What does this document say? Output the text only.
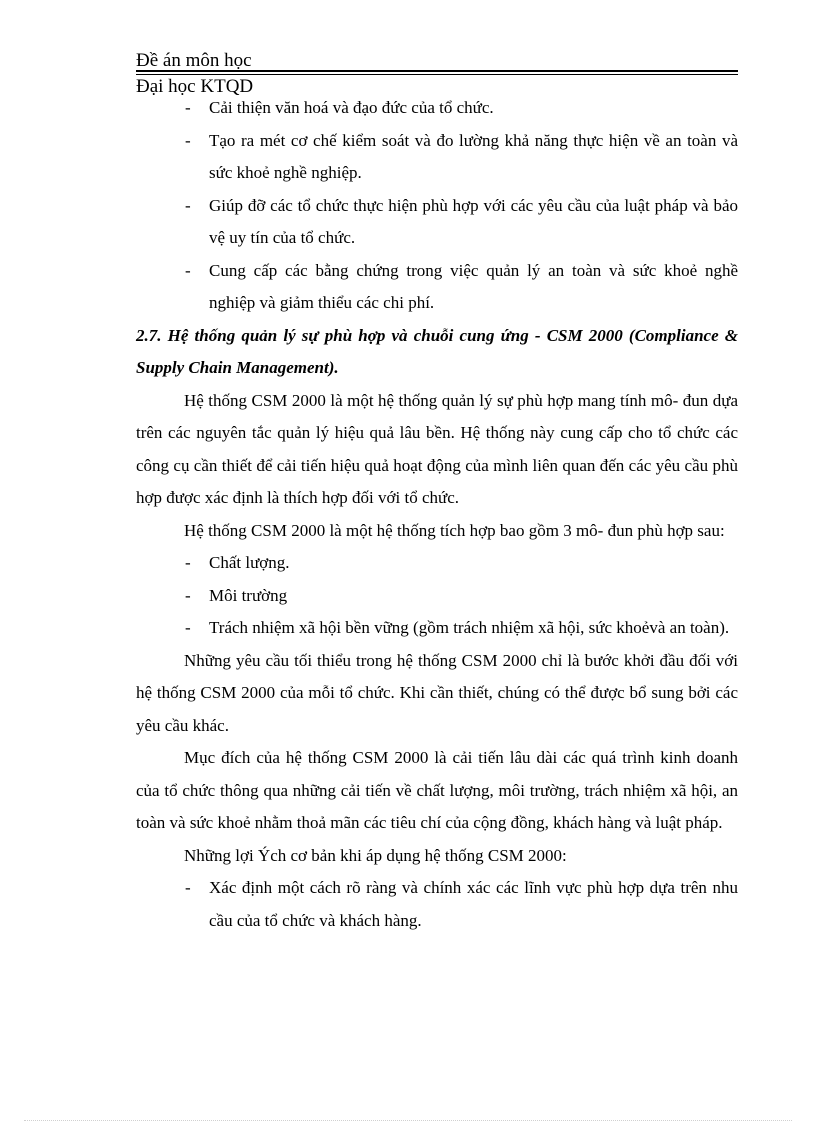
Đề án môn học
Đại học KTQD
- Cải thiện văn hoá và đạo đức của tổ chức.
- Tạo ra mét cơ chế kiểm soát và đo lường khả năng thực hiện về an toàn và sức khoẻ nghề nghiệp.
- Giúp đỡ các tổ chức thực hiện phù hợp với các yêu cầu của luật pháp và bảo vệ uy tín của tổ chức.
- Cung cấp các bằng chứng trong việc quản lý an toàn và sức khoẻ nghề nghiệp và giảm thiểu các chi phí.

2.7. Hệ thống quản lý sự phù hợp và chuỗi cung ứng - CSM 2000 (Compliance & Supply Chain Management).

Hệ thống CSM 2000 là một hệ thống quản lý sự phù hợp mang tính mô- đun dựa trên các nguyên tắc quản lý hiệu quả lâu bền. Hệ thống này cung cấp cho tổ chức các công cụ cần thiết để cải tiến hiệu quả hoạt động của mình liên quan đến các yêu cầu phù hợp được xác định là thích hợp đối với tổ chức.

Hệ thống CSM 2000 là một hệ thống tích hợp bao gồm 3 mô- đun phù hợp sau:

- Chất lượng.
- Môi trường
- Trách nhiệm xã hội bền vững (gồm trách nhiệm xã hội, sức khoẻvà an toàn).

Những yêu cầu tối thiểu trong hệ thống CSM 2000 chỉ là bước khởi đầu đối với hệ thống CSM 2000 của mỗi tổ chức. Khi cần thiết, chúng có thể được bổ sung bởi các yêu cầu khác.

Mục đích của hệ thống CSM 2000 là cải tiến lâu dài các quá trình kinh doanh của tổ chức thông qua những cải tiến về chất lượng, môi trường, trách nhiệm xã hội, an toàn và sức khoẻ nhằm thoả mãn các tiêu chí của cộng đồng, khách hàng và luật pháp.

Những lợi Ých cơ bản khi áp dụng hệ thống CSM 2000:

- Xác định một cách rõ ràng và chính xác các lĩnh vực phù hợp dựa trên nhu cầu của tổ chức và khách hàng.
